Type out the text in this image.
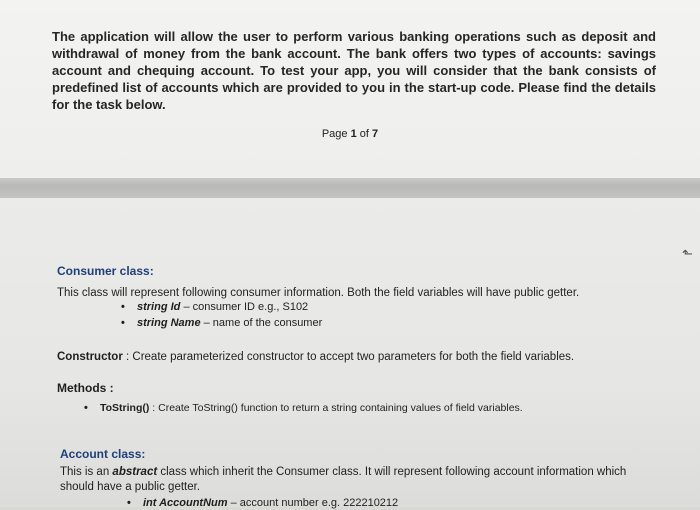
The application will allow the user to perform various banking operations such as deposit and withdrawal of money from the bank account. The bank offers two types of accounts: savings account and chequing account. To test your app, you will consider that the bank consists of predefined list of accounts which are provided to you in the start-up code. Please find the details for the task below.
Page 1 of 7
⬑
Consumer class:
This class will represent following consumer information. Both the field variables will have public getter.
• string Id – consumer ID e.g., S102
• string Name – name of the consumer
Constructor : Create parameterized constructor to accept two parameters for both the field variables.
Methods :
• ToString() : Create ToString() function to return a string containing values of field variables.
Account class:
This is an abstract class which inherit the Consumer class. It will represent following account information which should have a public getter.
• int AccountNum – account number e.g. 222210212
